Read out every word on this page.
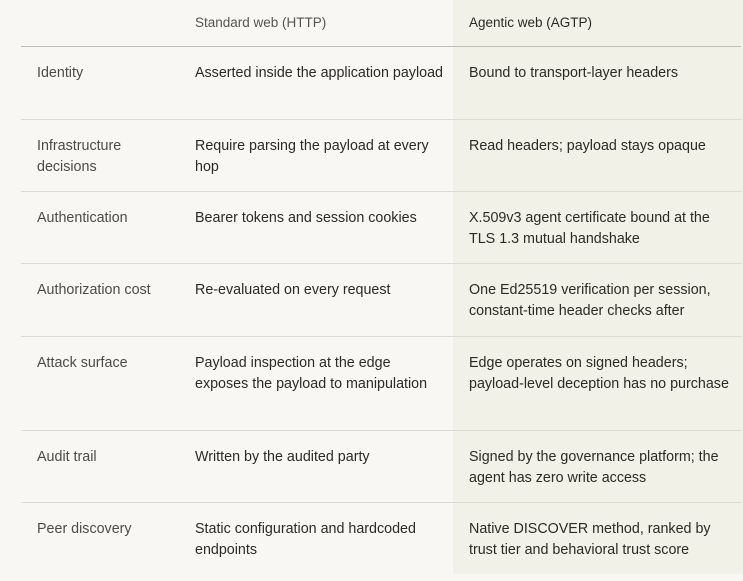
	Standard web (HTTP)	Agentic web (AGTP)
Identity	Asserted inside the application payload	Bound to transport-layer headers
Infrastructure decisions	Require parsing the payload at every hop	Read headers; payload stays opaque
Authentication	Bearer tokens and session cookies	X.509v3 agent certificate bound at the TLS 1.3 mutual handshake
Authorization cost	Re-evaluated on every request	One Ed25519 verification per session, constant-time header checks after
Attack surface	Payload inspection at the edge exposes the payload to manipulation	Edge operates on signed headers; payload-level deception has no purchase
Audit trail	Written by the audited party	Signed by the governance platform; the agent has zero write access
Peer discovery	Static configuration and hardcoded endpoints	Native DISCOVER method, ranked by trust tier and behavioral trust score
